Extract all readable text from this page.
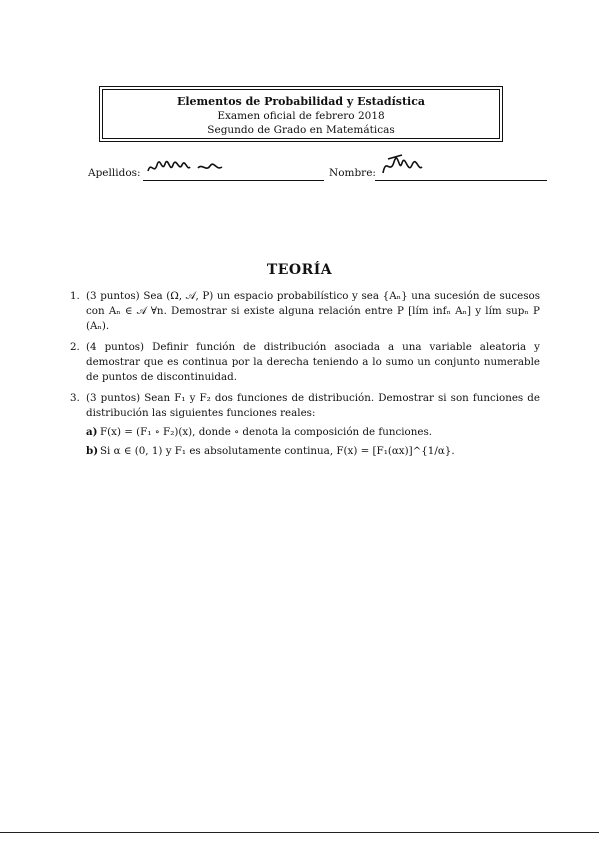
Elementos de Probabilidad y Estadística
Examen oficial de febrero 2018
Segundo de Grado en Matemáticas
Apellidos:	Nombre:
TEORÍA
1. (3 puntos) Sea (Ω, 𝒜, P) un espacio probabilístico y sea {Aₙ} una sucesión de sucesos con Aₙ ∈ 𝒜 ∀n. Demostrar si existe alguna relación entre P [lím infₙ Aₙ] y lím supₙ P (Aₙ).
2. (4 puntos) Definir función de distribución asociada a una variable aleatoria y demostrar que es continua por la derecha teniendo a lo sumo un conjunto numerable de puntos de discontinuidad.
3. (3 puntos) Sean F₁ y F₂ dos funciones de distribución. Demostrar si son funciones de distribución las siguientes funciones reales:
a) F(x) = (F₁ ∘ F₂)(x), donde ∘ denota la composición de funciones.
b) Si α ∈ (0, 1) y F₁ es absolutamente continua, F(x) = [F₁(αx)]^{1/α}.
